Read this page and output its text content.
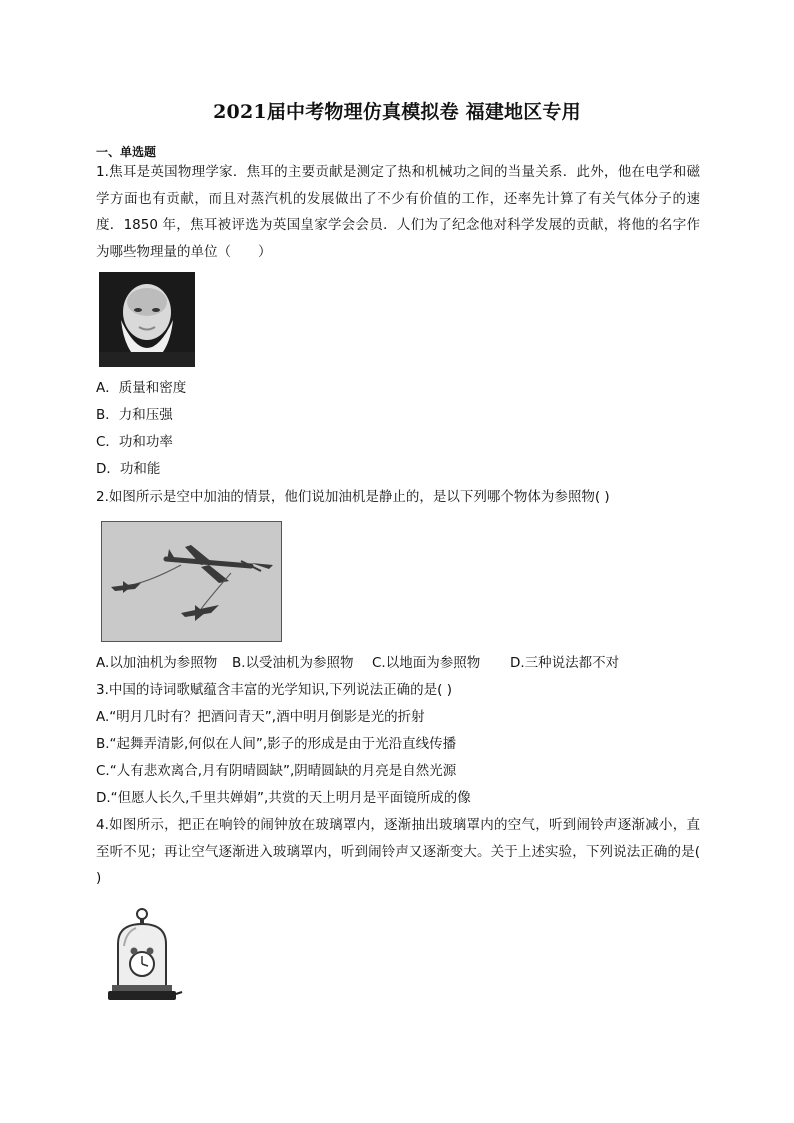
2021届中考物理仿真模拟卷 福建地区专用
一、单选题
1.焦耳是英国物理学家．焦耳的主要贡献是测定了热和机械功之间的当量关系．此外，他在电学和磁学方面也有贡献，而且对蒸汽机的发展做出了不少有价值的工作，还率先计算了有关气体分子的速度．1850 年，焦耳被评选为英国皇家学会会员．人们为了纪念他对科学发展的贡献，将他的名字作为哪些物理量的单位（　　）
A．质量和密度
B．力和压强
C．功和功率
D．功和能
2.如图所示是空中加油的情景，他们说加油机是静止的，是以下列哪个物体为参照物( )
A.以加油机为参照物 B.以受油机为参照物 C.以地面为参照物 D.三种说法都不对
3.中国的诗词歌赋蕴含丰富的光学知识,下列说法正确的是( )
A.“明月几时有？把酒问青天”,酒中明月倒影是光的折射
B.“起舞弄清影,何似在人间”,影子的形成是由于光沿直线传播
C.“人有悲欢离合,月有阴晴圆缺”,阴晴圆缺的月亮是自然光源
D.“但愿人长久,千里共婵娟”,共赏的天上明月是平面镜所成的像
4.如图所示，把正在响铃的闹钟放在玻璃罩内，逐渐抽出玻璃罩内的空气，听到闹铃声逐渐减小，直至听不见；再让空气逐渐进入玻璃罩内，听到闹铃声又逐渐变大。关于上述实验，下列说法正确的是( )
